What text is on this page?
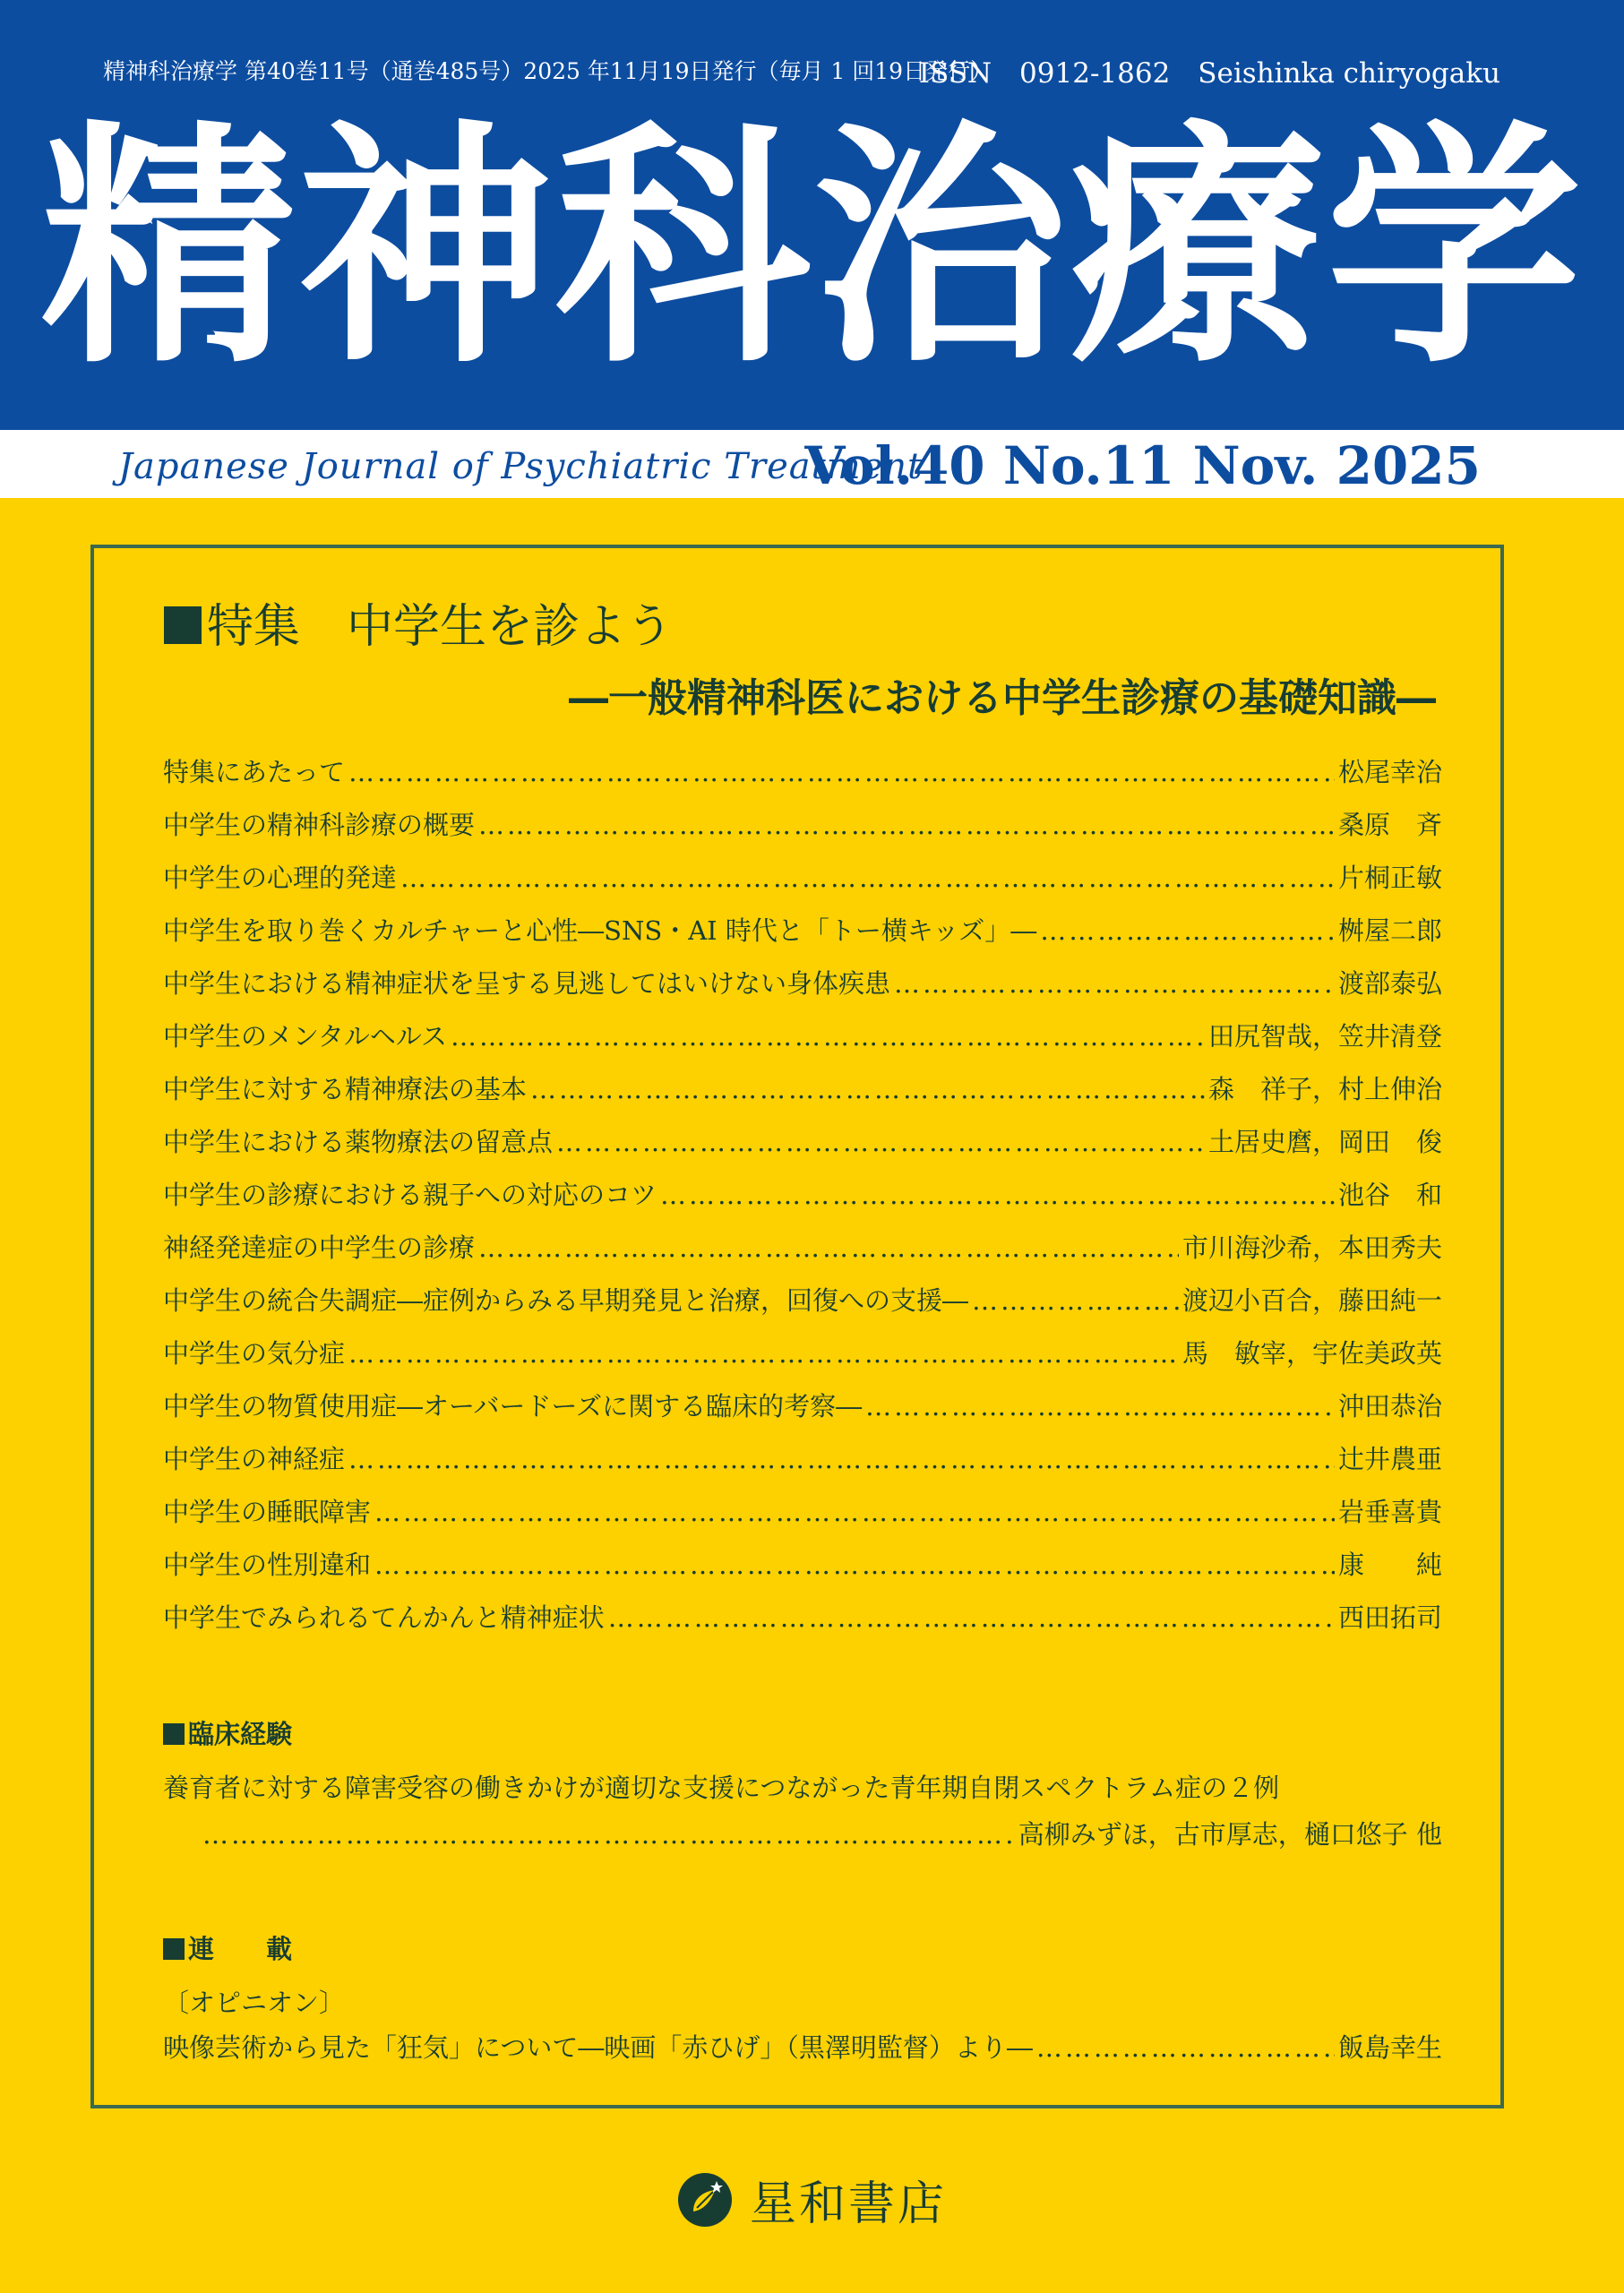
精神科治療学 第40巻11号（通巻485号）2025 年11月19日発行（毎月 1 回19日発行）
ISSN　0912-1862　Seishinka chiryogaku
精神科治療学
Japanese Journal of Psychiatric Treatment
Vol.40 No.11 Nov. 2025
特集　中学生を診よう
―一般精神科医における中学生診療の基礎知識―
特集にあたって ………………………………………………………………………………………………………………………………………………	松尾幸治
中学生の精神科診療の概要 ………………………………………………………………………………………………………………………………………………	桑原　斉
中学生の心理的発達 ………………………………………………………………………………………………………………………………………………	片桐正敏
中学生を取り巻くカルチャーと心性―SNS・AI 時代と「トー横キッズ」― ………………………………………………………………………………………………………………………………………………	桝屋二郎
中学生における精神症状を呈する見逃してはいけない身体疾患 ………………………………………………………………………………………………………………………………………………	渡部泰弘
中学生のメンタルヘルス ………………………………………………………………………………………………………………………………………………	田尻智哉，笠井清登
中学生に対する精神療法の基本 ………………………………………………………………………………………………………………………………………………	森　祥子，村上伸治
中学生における薬物療法の留意点 ………………………………………………………………………………………………………………………………………………	土居史麿，岡田　俊
中学生の診療における親子への対応のコツ ………………………………………………………………………………………………………………………………………………	池谷　和
神経発達症の中学生の診療 ………………………………………………………………………………………………………………………………………………	市川海沙希，本田秀夫
中学生の統合失調症―症例からみる早期発見と治療，回復への支援― ………………………………………………………………………………………………………………………………………………	渡辺小百合，藤田純一
中学生の気分症 ………………………………………………………………………………………………………………………………………………	馬　敏宰，宇佐美政英
中学生の物質使用症―オーバードーズに関する臨床的考察― ………………………………………………………………………………………………………………………………………………	沖田恭治
中学生の神経症 ………………………………………………………………………………………………………………………………………………	辻井農亜
中学生の睡眠障害 ………………………………………………………………………………………………………………………………………………	岩垂喜貴
中学生の性別違和 ………………………………………………………………………………………………………………………………………………	康　　純
中学生でみられるてんかんと精神症状 ………………………………………………………………………………………………………………………………………………	西田拓司
臨床経験
養育者に対する障害受容の働きかけが適切な支援につながった青年期自閉スペクトラム症の２例
………………………………………………………………………………………………………………………………………………
高柳みずほ，古市厚志，樋口悠子 他
連　　載
〔オピニオン〕
映像芸術から見た「狂気」について―映画「赤ひげ」（黒澤明監督）より― ………………………………………………………………………………………………………………………………………………	飯島幸生
星和書店
